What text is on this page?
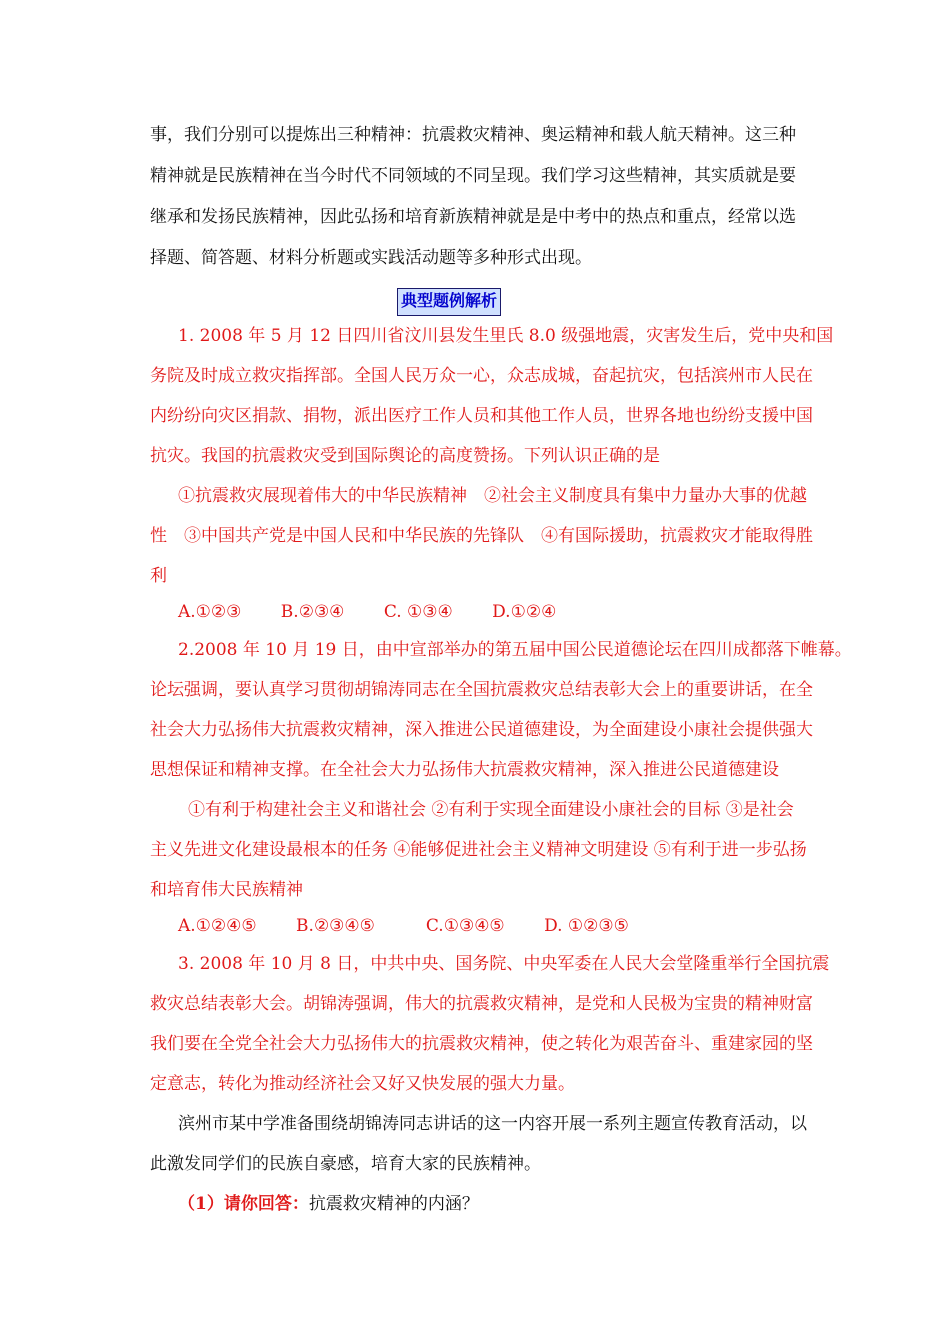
事，我们分别可以提炼出三种精神：抗震救灾精神、奥运精神和载人航天精神。这三种
精神就是民族精神在当今时代不同领域的不同呈现。我们学习这些精神，其实质就是要
继承和发扬民族精神，因此弘扬和培育新族精神就是是中考中的热点和重点，经常以选
择题、简答题、材料分析题或实践活动题等多种形式出现。
典型题例解析
1. 2008 年 5 月 12 日四川省汶川县发生里氏 8.0 级强地震，灾害发生后，党中央和国
务院及时成立救灾指挥部。全国人民万众一心，众志成城，奋起抗灾，包括滨州市人民在
内纷纷向灾区捐款、捐物，派出医疗工作人员和其他工作人员，世界各地也纷纷支援中国
抗灾。我国的抗震救灾受到国际舆论的高度赞扬。下列认识正确的是
①抗震救灾展现着伟大的中华民族精神　②社会主义制度具有集中力量办大事的优越
性　③中国共产党是中国人民和中华民族的先锋队　④有国际援助，抗震救灾才能取得胜
利
A.①②③　　 B.②③④　　 C. ①③④　　 D.①②④
2.2008 年 10 月 19 日，由中宣部举办的第五届中国公民道德论坛在四川成都落下帷幕。
论坛强调，要认真学习贯彻胡锦涛同志在全国抗震救灾总结表彰大会上的重要讲话，在全
社会大力弘扬伟大抗震救灾精神，深入推进公民道德建设，为全面建设小康社会提供强大
思想保证和精神支撑。在全社会大力弘扬伟大抗震救灾精神，深入推进公民道德建设
①有利于构建社会主义和谐社会 ②有利于实现全面建设小康社会的目标 ③是社会
主义先进文化建设最根本的任务 ④能够促进社会主义精神文明建设 ⑤有利于进一步弘扬
和培育伟大民族精神
A.①②④⑤　　 B.②③④⑤　　　C.①③④⑤　　 D. ①②③⑤
3. 2008 年 10 月 8 日，中共中央、国务院、中央军委在人民大会堂隆重举行全国抗震
救灾总结表彰大会。胡锦涛强调，伟大的抗震救灾精神，是党和人民极为宝贵的精神财富
我们要在全党全社会大力弘扬伟大的抗震救灾精神，使之转化为艰苦奋斗、重建家园的坚
定意志，转化为推动经济社会又好又快发展的强大力量。
滨州市某中学准备围绕胡锦涛同志讲话的这一内容开展一系列主题宣传教育活动，以
此激发同学们的民族自豪感，培育大家的民族精神。
（1）请你回答：抗震救灾精神的内涵？
